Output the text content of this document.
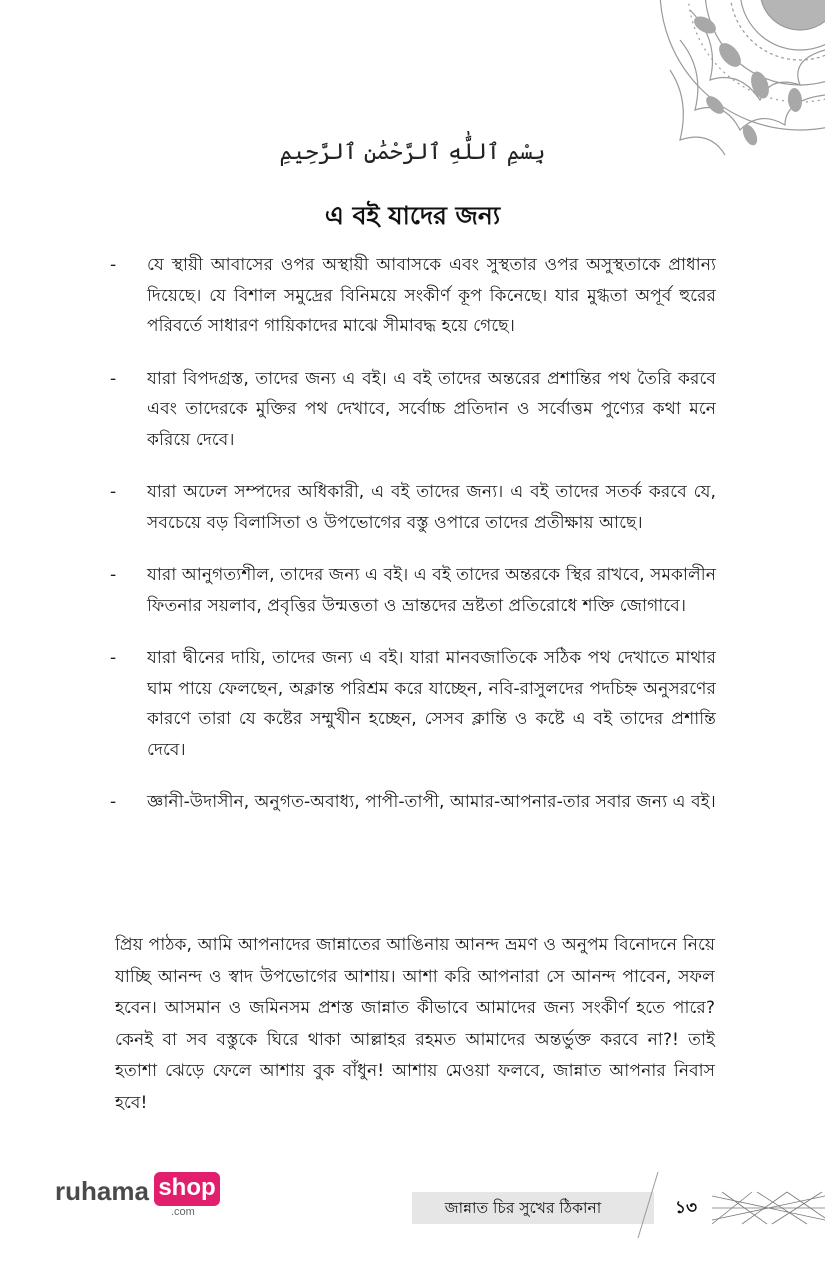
بِسْمِ ٱللَّٰهِ ٱلرَّحْمَٰنِ ٱلرَّحِيمِ
এ বই যাদের জন্য
- যে স্থায়ী আবাসের ওপর অস্থায়ী আবাসকে এবং সুস্থতার ওপর অসুস্থতাকে প্রাধান্য দিয়েছে। যে বিশাল সমুদ্রের বিনিময়ে সংকীর্ণ কূপ কিনেছে। যার মুগ্ধতা অপূর্ব হুরের পরিবর্তে সাধারণ গায়িকাদের মাঝে সীমাবদ্ধ হয়ে গেছে।
- যারা বিপদগ্রস্ত, তাদের জন্য এ বই। এ বই তাদের অন্তরের প্রশান্তির পথ তৈরি করবে এবং তাদেরকে মুক্তির পথ দেখাবে, সর্বোচ্চ প্রতিদান ও সর্বোত্তম পুণ্যের কথা মনে করিয়ে দেবে।
- যারা অঢেল সম্পদের অধিকারী, এ বই তাদের জন্য। এ বই তাদের সতর্ক করবে যে, সবচেয়ে বড় বিলাসিতা ও উপভোগের বস্তু ওপারে তাদের প্রতীক্ষায় আছে।
- যারা আনুগত্যশীল, তাদের জন্য এ বই। এ বই তাদের অন্তরকে স্থির রাখবে, সমকালীন ফিতনার সয়লাব, প্রবৃত্তির উন্মত্ততা ও ভ্রান্তদের ভ্রষ্টতা প্রতিরোধে শক্তি জোগাবে।
- যারা দ্বীনের দায়ি, তাদের জন্য এ বই। যারা মানবজাতিকে সঠিক পথ দেখাতে মাথার ঘাম পায়ে ফেলছেন, অক্লান্ত পরিশ্রম করে যাচ্ছেন, নবি-রাসুলদের পদচিহ্ন অনুসরণের কারণে তারা যে কষ্টের সম্মুখীন হচ্ছেন, সেসব ক্লান্তি ও কষ্টে এ বই তাদের প্রশান্তি দেবে।
- জ্ঞানী-উদাসীন, অনুগত-অবাধ্য, পাপী-তাপী, আমার-আপনার-তার সবার জন্য এ বই।

প্রিয় পাঠক, আমি আপনাদের জান্নাতের আঙিনায় আনন্দ ভ্রমণ ও অনুপম বিনোদনে নিয়ে যাচ্ছি আনন্দ ও স্বাদ উপভোগের আশায়। আশা করি আপনারা সে আনন্দ পাবেন, সফল হবেন। আসমান ও জমিনসম প্রশস্ত জান্নাত কীভাবে আমাদের জন্য সংকীর্ণ হতে পারে? কেনই বা সব বস্তুকে ঘিরে থাকা আল্লাহর রহমত আমাদের অন্তর্ভুক্ত করবে না?! তাই হতাশা ঝেড়ে ফেলে আশায় বুক বাঁধুন! আশায় মেওয়া ফলবে, জান্নাত আপনার নিবাস হবে!

ruhama shop
.com	জান্নাত চির সুখের ঠিকানা	১৩
